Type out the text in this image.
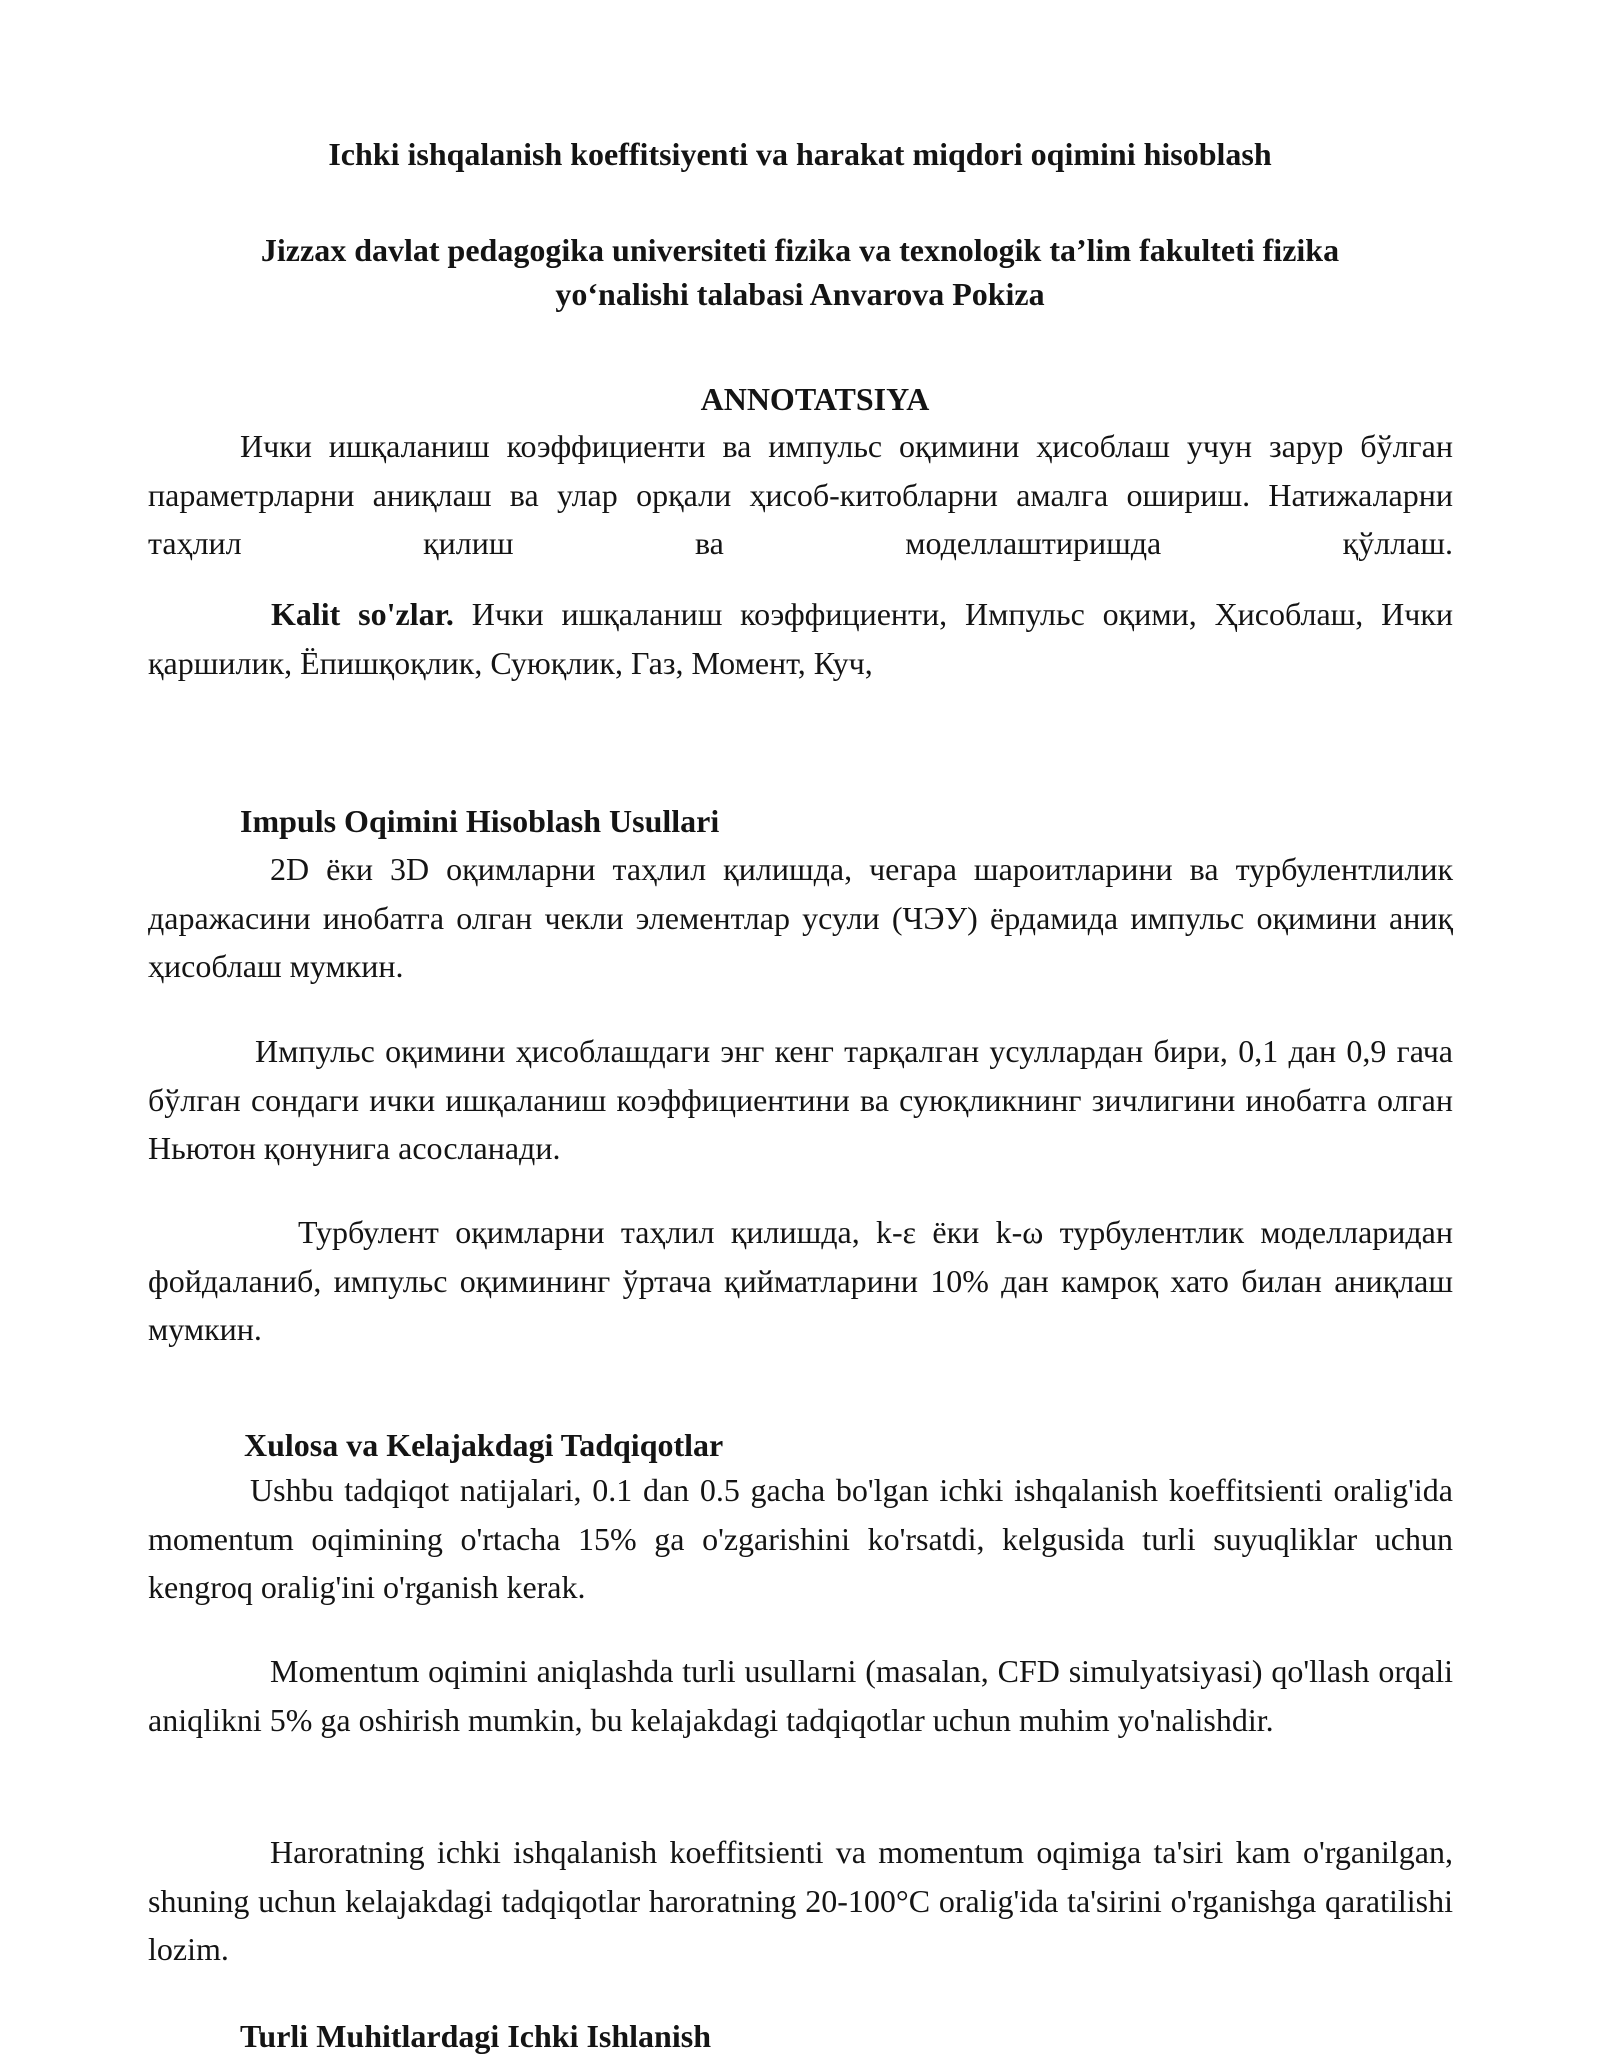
Ichki ishqalanish koeffitsiyenti va harakat miqdori oqimini hisoblash
Jizzax davlat pedagogika universiteti fizika va texnologik ta’lim fakulteti fizika
yo‘nalishi talabasi Anvarova Pokiza
ANNOTATSIYA
Ички ишқаланиш коэффициенти ва импульс оқимини ҳисоблаш учун зарур бўлган параметрларни аниқлаш ва улар орқали ҳисоб-китобларни амалга ошириш. Натижаларни таҳлил қилиш ва моделлаштиришда қўллаш.
Kalit so'zlar. Ички ишқаланиш коэффициенти, Импульс оқими, Ҳисоблаш, Ички қаршилик, Ёпишқоқлик, Суюқлик, Газ, Момент, Куч,
Impuls Oqimini Hisoblash Usullari
2D ёки 3D оқимларни таҳлил қилишда, чегара шароитларини ва турбулентлилик даражасини инобатга олган чекли элементлар усули (ЧЭУ) ёрдамида импульс оқимини аниқ ҳисоблаш мумкин.
Импульс оқимини ҳисоблашдаги энг кенг тарқалган усуллардан бири, 0,1 дан 0,9 гача бўлган сондаги ички ишқаланиш коэффициентини ва суюқликнинг зичлигини инобатга олган Ньютон қонунига асосланади.
Турбулент оқимларни таҳлил қилишда, k-ε ёки k-ω турбулентлик моделларидан фойдаланиб, импульс оқимининг ўртача қийматларини 10% дан камроқ хато билан аниқлаш мумкин.
Xulosa va Kelajakdagi Tadqiqotlar
Ushbu tadqiqot natijalari, 0.1 dan 0.5 gacha bo'lgan ichki ishqalanish koeffitsienti oralig'ida momentum oqimining o'rtacha 15% ga o'zgarishini ko'rsatdi, kelgusida turli suyuqliklar uchun kengroq oralig'ini o'rganish kerak.
Momentum oqimini aniqlashda turli usullarni (masalan, CFD simulyatsiyasi) qo'llash orqali aniqlikni 5% ga oshirish mumkin, bu kelajakdagi tadqiqotlar uchun muhim yo'nalishdir.
Haroratning ichki ishqalanish koeffitsienti va momentum oqimiga ta'siri kam o'rganilgan, shuning uchun kelajakdagi tadqiqotlar haroratning 20-100°C oralig'ida ta'sirini o'rganishga qaratilishi lozim.
Turli Muhitlardagi Ichki Ishlanish
